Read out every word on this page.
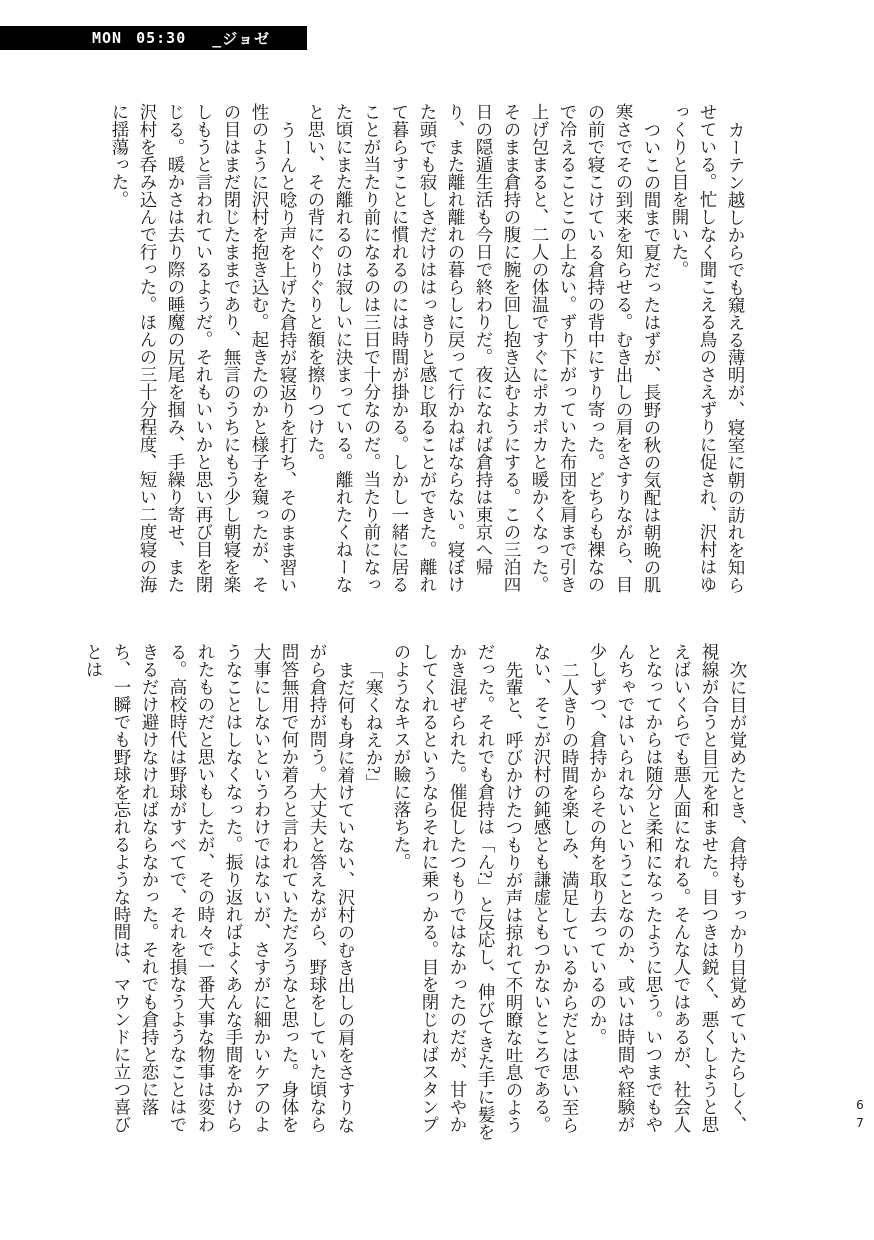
MON 05:30 _ジョゼ

カーテン越しからでも窺える薄明が、寝室に朝の訪れを知らせている。忙しなく聞こえる鳥のさえずりに促され、沢村はゆっくりと目を開いた。

ついこの間まで夏だったはずが、長野の秋の気配は朝晩の肌寒さでその到来を知らせる。むき出しの肩をさすりながら、目の前で寝こけている倉持の背中にすり寄った。どちらも裸なので冷えることこの上ない。ずり下がっていた布団を肩まで引き上げ包まると、二人の体温ですぐにポカポカと暖かくなった。そのまま倉持の腹に腕を回し抱き込むようにする。この三泊四日の隠遁生活も今日で終わりだ。夜になれば倉持は東京へ帰り、また離れ離れの暮らしに戻って行かねばならない。寝ぼけた頭でも寂しさだけははっきりと感じ取ることができた。離れて暮らすことに慣れるのには時間が掛かる。しかし一緒に居ることが当たり前になるのは三日で十分なのだ。当たり前になった頃にまた離れるのは寂しいに決まっている。離れたくねーなと思い、その背にぐりぐりと額を擦りつけた。

うーんと唸り声を上げた倉持が寝返りを打ち、そのまま習い性のように沢村を抱き込む。起きたのかと様子を窺ったが、その目はまだ閉じたままであり、無言のうちにもう少し朝寝を楽しもうと言われているようだ。それもいいかと思い再び目を閉じる。暖かさは去り際の睡魔の尻尾を掴み、手繰り寄せ、また沢村を呑み込んで行った。ほんの三十分程度、短い二度寝の海に揺蕩った。

次に目が覚めたとき、倉持もすっかり目覚めていたらしく、視線が合うと目元を和ませた。目つきは鋭く、悪くしようと思えばいくらでも悪人面になれる。そんな人ではあるが、社会人となってからは随分と柔和になったように思う。いつまでもやんちゃではいられないということなのか、或いは時間や経験が少しずつ、倉持からその角を取り去っているのか。

二人きりの時間を楽しみ、満足しているからだとは思い至らない、そこが沢村の鈍感とも謙虚ともつかないところである。

先輩と、呼びかけたつもりが声は掠れて不明瞭な吐息のようだった。それでも倉持は「ん?」と反応し、伸びてきた手に髪をかき混ぜられた。催促したつもりではなかったのだが、甘やかしてくれるというならそれに乗っかる。目を閉じればスタンプのようなキスが瞼に落ちた。

「寒くねえか?」

まだ何も身に着けていない、沢村のむき出しの肩をさすりながら倉持が問う。大丈夫と答えながら、野球をしていた頃なら問答無用で何か着ろと言われていただろうなと思った。身体を大事にしないというわけではないが、さすがに細かいケアのようなことはしなくなった。振り返ればよくあんな手間をかけられたものだと思いもしたが、その時々で一番大事な物事は変わる。高校時代は野球がすべてで、それを損なうようなことはできるだけ避けなければならなかった。それでも倉持と恋に落ち、一瞬でも野球を忘れるような時間は、マウンドに立つ喜びとは

67
